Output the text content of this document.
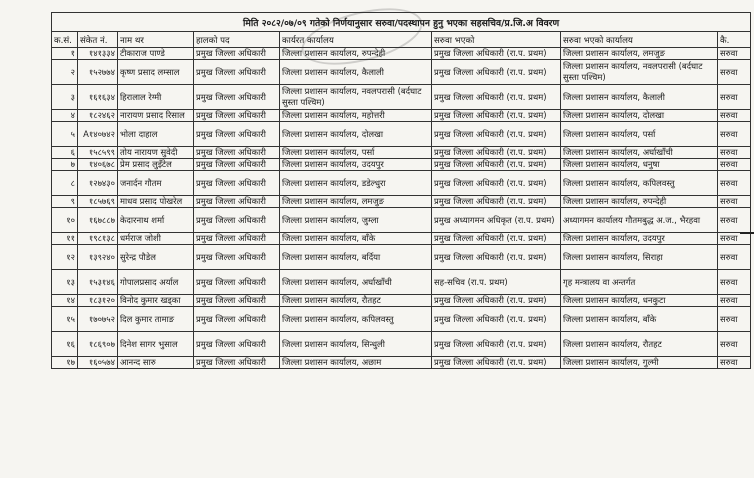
मिति २०८२/०७/०९ गतेको निर्णयानुसार सरुवा/पदस्थापन हुनु भएका सहसचिव/प्र.जि.अ विवरण							
क.सं.	संकेत नं.	नाम थर	हालको पद	कार्यरत कार्यालय	सरुवा भएको	सरुवा भएको कार्यालय	कै.
१	१४१३३४	टीकाराज पाण्डे	प्रमुख जिल्ला अधिकारी	जिल्ला प्रशासन कार्यालय, रुपन्देही	प्रमुख जिल्ला अधिकारी (रा.प. प्रथम)	जिल्ला प्रशासन कार्यालय, लमजुङ	सरुवा
२	१५२७७४	कृष्ण प्रसाद लम्साल	प्रमुख जिल्ला अधिकारी	जिल्ला प्रशासन कार्यालय, कैलाली	प्रमुख जिल्ला अधिकारी (रा.प. प्रथम)	जिल्ला प्रशासन कार्यालय, नवलपरासी (बर्दघाट सुस्ता पश्चिम)	सरुवा
३	१६१६३४	हिरालाल रेग्मी	प्रमुख जिल्ला अधिकारी	जिल्ला प्रशासन कार्यालय, नवलपरासी (बर्दघाट सुस्ता पश्चिम)	प्रमुख जिल्ला अधिकारी (रा.प. प्रथम)	जिल्ला प्रशासन कार्यालय, कैलाली	सरुवा
४	१८२४६२	नारायण प्रसाद रिसाल	प्रमुख जिल्ला अधिकारी	जिल्ला प्रशासन कार्यालय, महोत्तरी	प्रमुख जिल्ला अधिकारी (रा.प. प्रथम)	जिल्ला प्रशासन कार्यालय, दोलखा	सरुवा
५	A१४०७४२	भोला दाहाल	प्रमुख जिल्ला अधिकारी	जिल्ला प्रशासन कार्यालय, दोलखा	प्रमुख जिल्ला अधिकारी (रा.प. प्रथम)	जिल्ला प्रशासन कार्यालय, पर्सा	सरुवा
६	१५८५९९	तोय नारायण सुवेदी	प्रमुख जिल्ला अधिकारी	जिल्ला प्रशासन कार्यालय, पर्सा	प्रमुख जिल्ला अधिकारी (रा.प. प्रथम)	जिल्ला प्रशासन कार्यालय, अर्घाखाँची	सरुवा
७	१४०६७८	प्रेम प्रसाद लुइँटेल	प्रमुख जिल्ला अधिकारी	जिल्ला प्रशासन कार्यालय, उदयपुर	प्रमुख जिल्ला अधिकारी (रा.प. प्रथम)	जिल्ला प्रशासन कार्यालय, धनुषा	सरुवा
८	१२७४३०	जनार्दन गौतम	प्रमुख जिल्ला अधिकारी	जिल्ला प्रशासन कार्यालय, डडेल्धुरा	प्रमुख जिल्ला अधिकारी (रा.प. प्रथम)	जिल्ला प्रशासन कार्यालय, कपिलवस्तु	सरुवा
९	१८५७६९	माधव प्रसाद पोखरेल	प्रमुख जिल्ला अधिकारी	जिल्ला प्रशासन कार्यालय, लमजुङ	प्रमुख जिल्ला अधिकारी (रा.प. प्रथम)	जिल्ला प्रशासन कार्यालय, रुपन्देही	सरुवा
१०	१६७८८७	केदारनाथ शर्मा	प्रमुख जिल्ला अधिकारी	जिल्ला प्रशासन कार्यालय, जुम्ला	प्रमुख अध्यागमन अधिकृत (रा.प. प्रथम)	अध्यागमन कार्यालय गौतमबुद्ध अ.ज., भैरहवा	सरुवा
११	१९८१३८	धर्मराज जोशी	प्रमुख जिल्ला अधिकारी	जिल्ला प्रशासन कार्यालय, बाँके	प्रमुख जिल्ला अधिकारी (रा.प. प्रथम)	जिल्ला प्रशासन कार्यालय, उदयपुर	सरुवा
१२	१३९२४०	सुरेन्द्र पौडेल	प्रमुख जिल्ला अधिकारी	जिल्ला प्रशासन कार्यालय, बर्दिया	प्रमुख जिल्ला अधिकारी (रा.प. प्रथम)	जिल्ला प्रशासन कार्यालय, सिराहा	सरुवा
१३	१५३१४६	गोपालप्रसाद अर्याल	प्रमुख जिल्ला अधिकारी	जिल्ला प्रशासन कार्यालय, अर्घाखाँची	सह-सचिव (रा.प. प्रथम)	गृह मन्त्रालय वा अन्तर्गत	सरुवा
१४	१८३१२०	विनोद कुमार खड्का	प्रमुख जिल्ला अधिकारी	जिल्ला प्रशासन कार्यालय, रौतहट	प्रमुख जिल्ला अधिकारी (रा.प. प्रथम)	जिल्ला प्रशासन कार्यालय, धनकुटा	सरुवा
१५	१७०७५२	दिल कुमार तामाङ	प्रमुख जिल्ला अधिकारी	जिल्ला प्रशासन कार्यालय, कपिलवस्तु	प्रमुख जिल्ला अधिकारी (रा.प. प्रथम)	जिल्ला प्रशासन कार्यालय, बाँके	सरुवा
१६	१८६९०७	दिनेश सागर भुसाल	प्रमुख जिल्ला अधिकारी	जिल्ला प्रशासन कार्यालय, सिन्धुली	प्रमुख जिल्ला अधिकारी (रा.प. प्रथम)	जिल्ला प्रशासन कार्यालय, रौतहट	सरुवा
१७	१६०५७४	आनन्द सारु	प्रमुख जिल्ला अधिकारी	जिल्ला प्रशासन कार्यालय, अछाम	प्रमुख जिल्ला अधिकारी (रा.प. प्रथम)	जिल्ला प्रशासन कार्यालय, गुल्मी	सरुवा
